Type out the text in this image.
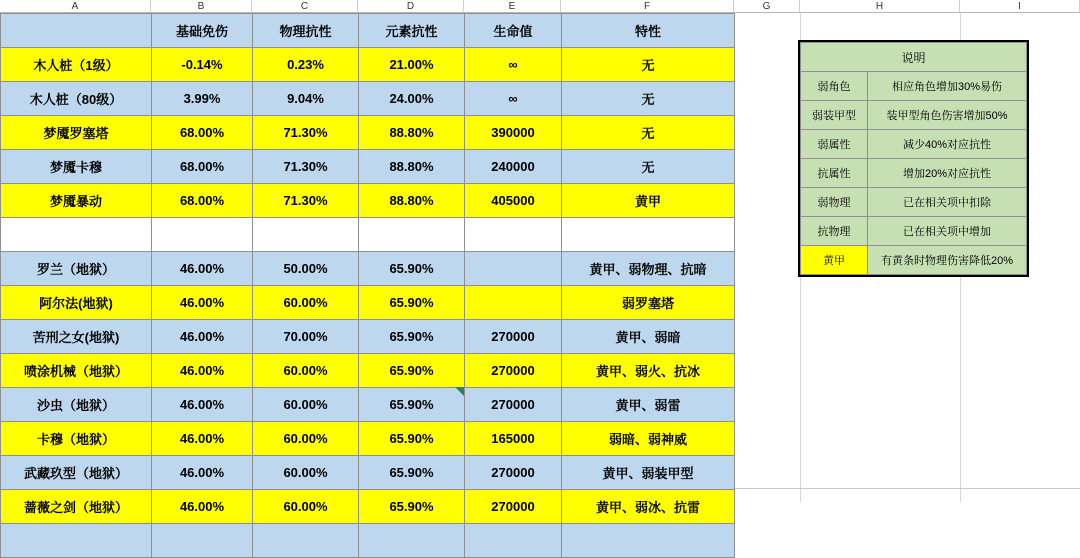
A	B	C	D	E	F	G	H	I
	基础免伤	物理抗性	元素抗性	生命值	特性
木人桩（1级）	-0.14%	0.23%	21.00%	∞	无
木人桩（80级）	3.99%	9.04%	24.00%	∞	无
梦魇罗塞塔	68.00%	71.30%	88.80%	390000	无
梦魇卡穆	68.00%	71.30%	88.80%	240000	无
梦魇暴动	68.00%	71.30%	88.80%	405000	黄甲

罗兰（地狱）	46.00%	50.00%	65.90%		黄甲、弱物理、抗暗
阿尔法(地狱)	46.00%	60.00%	65.90%		弱罗塞塔
苦刑之女(地狱)	46.00%	70.00%	65.90%	270000	黄甲、弱暗
喷涂机械（地狱）	46.00%	60.00%	65.90%	270000	黄甲、弱火、抗冰
沙虫（地狱）	46.00%	60.00%	65.90%	270000	黄甲、弱雷
卡穆（地狱）	46.00%	60.00%	65.90%	165000	弱暗、弱神威
武藏玖型（地狱）	46.00%	60.00%	65.90%	270000	黄甲、弱装甲型
蔷薇之剑（地狱）	46.00%	60.00%	65.90%	270000	黄甲、弱冰、抗雷

说明	
弱角色	相应角色增加30%易伤
弱装甲型	装甲型角色伤害增加50%
弱属性	减少40%对应抗性
抗属性	增加20%对应抗性
弱物理	已在相关项中扣除
抗物理	已在相关项中增加
黄甲	有黄条时物理伤害降低20%
